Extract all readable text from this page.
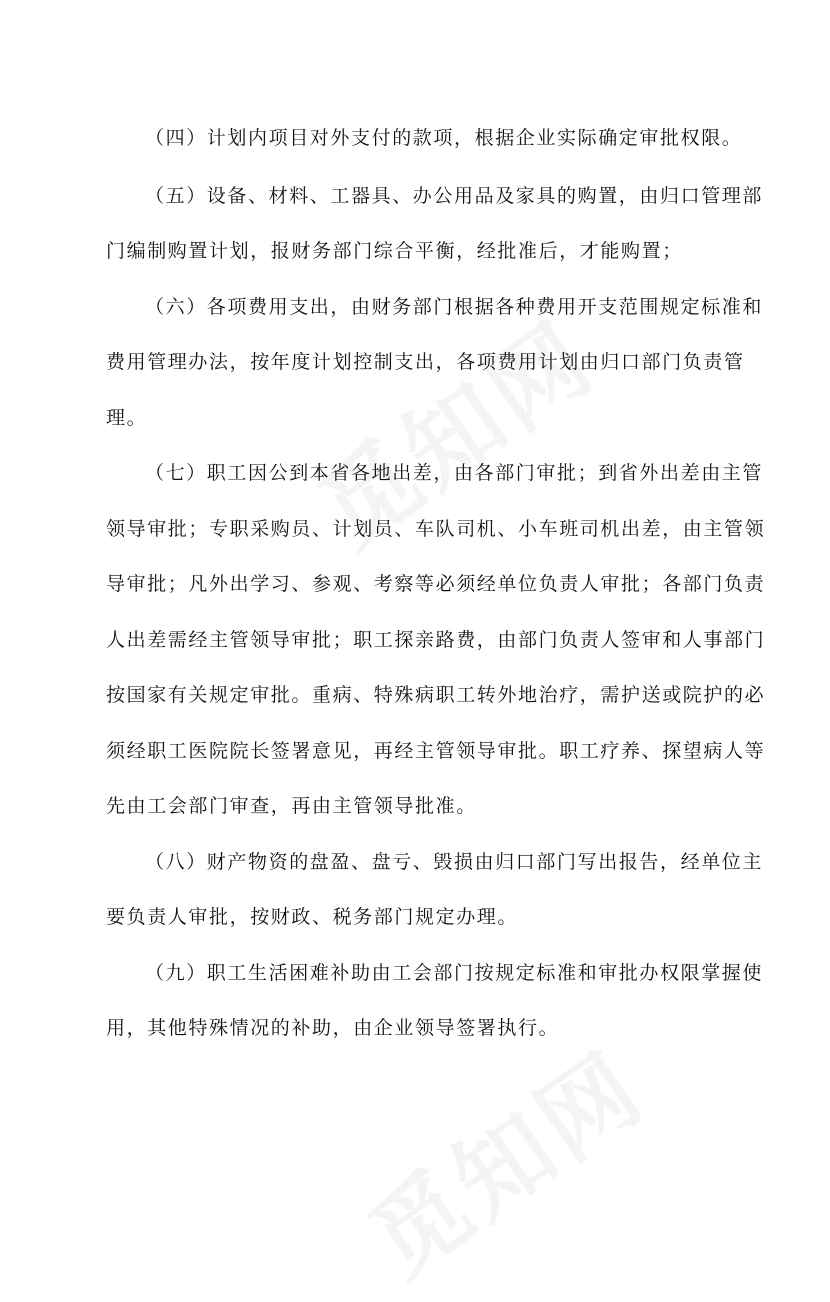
（四）计划内项目对外支付的款项，根据企业实际确定审批权限。

（五）设备、材料、工器具、办公用品及家具的购置，由归口管理部

门编制购置计划，报财务部门综合平衡，经批准后，才能购置；

（六）各项费用支出，由财务部门根据各种费用开支范围规定标准和

费用管理办法，按年度计划控制支出，各项费用计划由归口部门负责管

理。

（七）职工因公到本省各地出差，由各部门审批；到省外出差由主管

领导审批；专职采购员、计划员、车队司机、小车班司机出差，由主管领

导审批；凡外出学习、参观、考察等必须经单位负责人审批；各部门负责

人出差需经主管领导审批；职工探亲路费，由部门负责人签审和人事部门

按国家有关规定审批。重病、特殊病职工转外地治疗，需护送或院护的必

须经职工医院院长签署意见，再经主管领导审批。职工疗养、探望病人等

先由工会部门审查，再由主管领导批准。

（八）财产物资的盘盈、盘亏、毁损由归口部门写出报告，经单位主

要负责人审批，按财政、税务部门规定办理。

（九）职工生活困难补助由工会部门按规定标准和审批办权限掌握使

用，其他特殊情况的补助，由企业领导签署执行。
